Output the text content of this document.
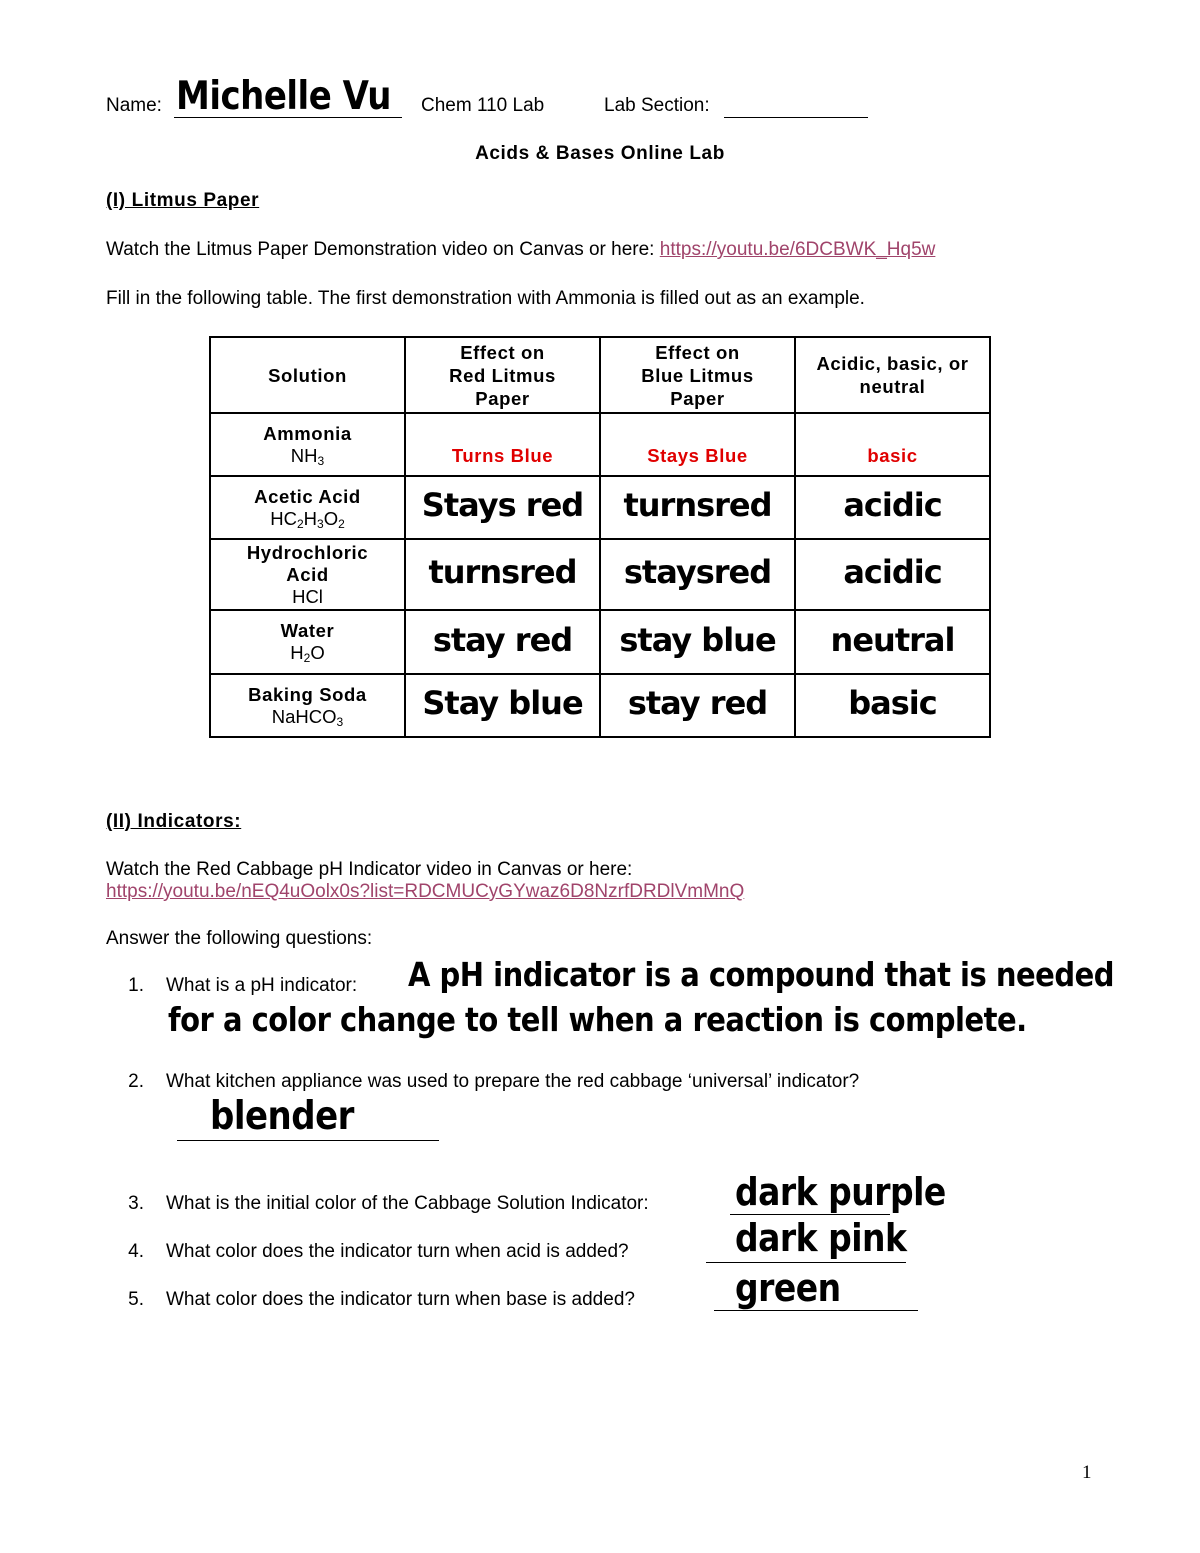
Name: Michelle Vu Chem 110 Lab	Lab Section:
Acids & Bases Online Lab
(I) Litmus Paper
Watch the Litmus Paper Demonstration video on Canvas or here: https://youtu.be/6DCBWK_Hq5w
Fill in the following table. The first demonstration with Ammonia is filled out as an example.
Solution	Effect on
Red Litmus
Paper	Effect on
Blue Litmus
Paper	Acidic, basic, or
neutral
Ammonia
$NH_3$	Turns Blue	Stays Blue	basic
Acetic Acid
$HC_2H_3O_2$	Stays red	turnsred	acidic
Hydrochloric
Acid
HCl	turnsred	staysred	acidic
Water
$H_2O$	stay red	stay blue	neutral
Baking Soda
NaHCO$_3$	Stay blue	stay red	basic
(II) Indicators:
Watch the Red Cabbage pH Indicator video in Canvas or here:
https://youtu.be/nEQ4uOolx0s?list=RDCMUCyGYwaz6D8NzrfDRDlVmMnQ
Answer the following questions:
1. What is a pH indicator: A pH indicator is a compound that is needed
for a color change to tell when a reaction is complete.
2. What kitchen appliance was used to prepare the red cabbage ‘universal’ indicator?
blender
3. What is the initial color of the Cabbage Solution Indicator:	dark purple
4. What color does the indicator turn when acid is added?	dark pink
5. What color does the indicator turn when base is added?	green
1
